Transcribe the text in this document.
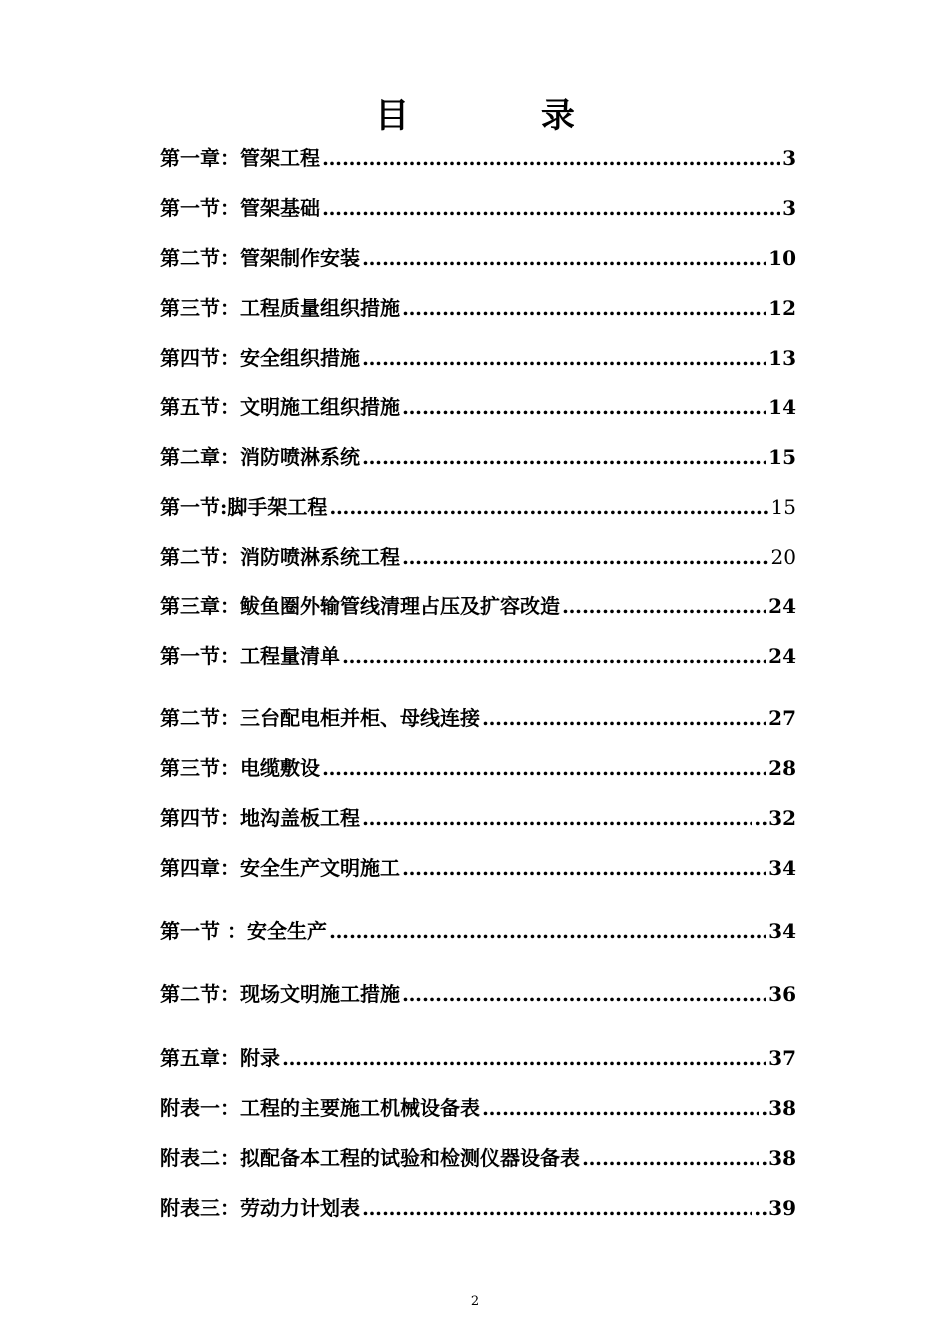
目 录
第一章：管架工程 ………………………………………………………………………………………………………………………………………………………………	3
第一节：管架基础 ………………………………………………………………………………………………………………………………………………………………	3
第二节：管架制作安装 ………………………………………………………………………………………………………………………………………………………………	10
第三节：工程质量组织措施 ………………………………………………………………………………………………………………………………………………………………	12
第四节：安全组织措施 ………………………………………………………………………………………………………………………………………………………………	13
第五节：文明施工组织措施 ………………………………………………………………………………………………………………………………………………………………	14
第二章：消防喷淋系统 ………………………………………………………………………………………………………………………………………………………………	15
第一节:脚手架工程 ………………………………………………………………………………………………………………………………………………………………	15
第二节：消防喷淋系统工程 ………………………………………………………………………………………………………………………………………………………………	20
第三章：鲅鱼圈外输管线清理占压及扩容改造 ………………………………………………………………………………………………………………………………………………………………	24
第一节：工程量清单 ………………………………………………………………………………………………………………………………………………………………	24
第二节：三台配电柜并柜、母线连接 ………………………………………………………………………………………………………………………………………………………………	27
第三节：电缆敷设 ………………………………………………………………………………………………………………………………………………………………	28
第四节：地沟盖板工程 ………………………………………………………………………………………………………………………………………………………………	..32
第四章：安全生产文明施工 ………………………………………………………………………………………………………………………………………………………………	34
第一节 ：安全生产 ………………………………………………………………………………………………………………………………………………………………	34
第二节：现场文明施工措施 ………………………………………………………………………………………………………………………………………………………………	36
第五章：附录 ………………………………………………………………………………………………………………………………………………………………	37
附表一：工程的主要施工机械设备表 ………………………………………………………………………………………………………………………………………………………………	.38
附表二：拟配备本工程的试验和检测仪器设备表 ………………………………………………………………………………………………………………………………………………………………	.38
附表三：劳动力计划表 ………………………………………………………………………………………………………………………………………………………………	..39
2
